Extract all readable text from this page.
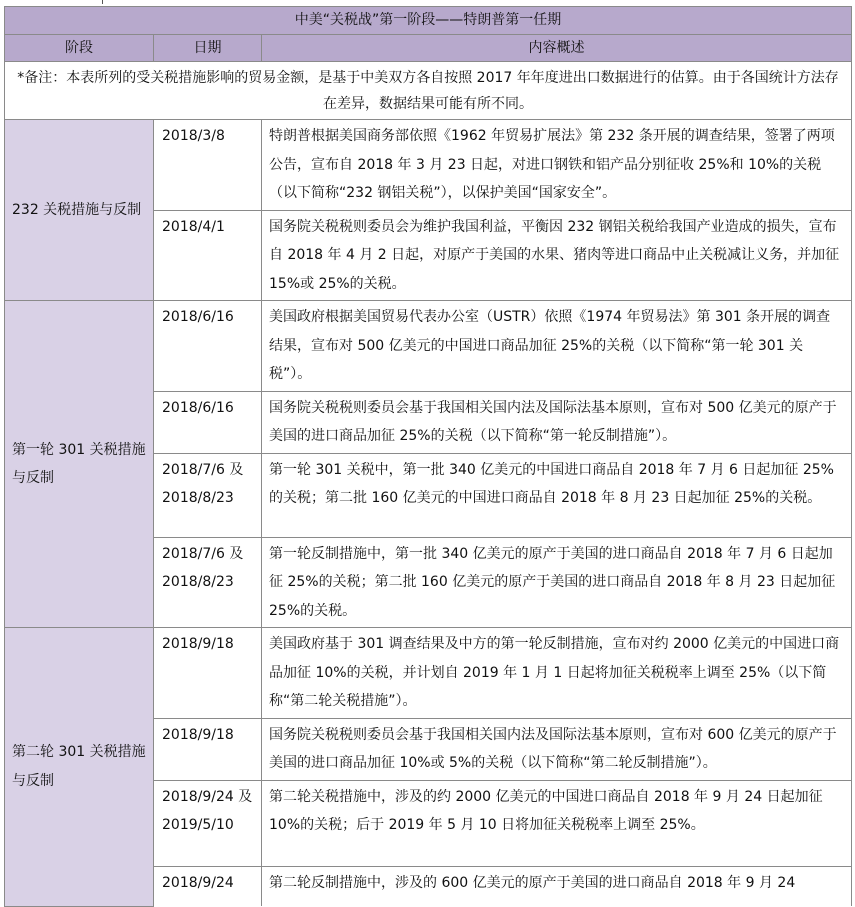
中美“关税战”第一阶段——特朗普第一任期		
阶段	日期	内容概述
*备注：本表所列的受关税措施影响的贸易金额，是基于中美双方各自按照 2017 年年度进出口数据进行的估算。由于各国统计方法存在差异，数据结果可能有所不同。		
232 关税措施与反制	2018/3/8	特朗普根据美国商务部依照《1962 年贸易扩展法》第 232 条开展的调查结果，签署了两项公告，宣布自 2018 年 3 月 23 日起，对进口钢铁和铝产品分别征收 25%和 10%的关税（以下简称“232 钢铝关税”），以保护美国“国家安全”。
	2018/4/1	国务院关税税则委员会为维护我国利益，平衡因 232 钢铝关税给我国产业造成的损失，宣布自 2018 年 4 月 2 日起，对原产于美国的水果、猪肉等进口商品中止关税减让义务，并加征 15%或 25%的关税。
第一轮 301 关税措施与反制	2018/6/16	美国政府根据美国贸易代表办公室（USTR）依照《1974 年贸易法》第 301 条开展的调查结果，宣布对 500 亿美元的中国进口商品加征 25%的关税（以下简称“第一轮 301 关税”）。
	2018/6/16	国务院关税税则委员会基于我国相关国内法及国际法基本原则，宣布对 500 亿美元的原产于美国的进口商品加征 25%的关税（以下简称“第一轮反制措施”）。
	2018/7/6 及 2018/8/23	第一轮 301 关税中，第一批 340 亿美元的中国进口商品自 2018 年 7 月 6 日起加征 25%的关税；第二批 160 亿美元的中国进口商品自 2018 年 8 月 23 日起加征 25%的关税。
	2018/7/6 及 2018/8/23	第一轮反制措施中，第一批 340 亿美元的原产于美国的进口商品自 2018 年 7 月 6 日起加征 25%的关税；第二批 160 亿美元的原产于美国的进口商品自 2018 年 8 月 23 日起加征 25%的关税。
第二轮 301 关税措施与反制	2018/9/18	美国政府基于 301 调查结果及中方的第一轮反制措施，宣布对约 2000 亿美元的中国进口商品加征 10%的关税，并计划自 2019 年 1 月 1 日起将加征关税税率上调至 25%（以下简称“第二轮关税措施”）。
	2018/9/18	国务院关税税则委员会基于我国相关国内法及国际法基本原则，宣布对 600 亿美元的原产于美国的进口商品加征 10%或 5%的关税（以下简称“第二轮反制措施”）。
	2018/9/24 及 2019/5/10	第二轮关税措施中，涉及的约 2000 亿美元的中国进口商品自 2018 年 9 月 24 日起加征 10%的关税；后于 2019 年 5 月 10 日将加征关税税率上调至 25%。
	2018/9/24	第二轮反制措施中，涉及的 600 亿美元的原产于美国的进口商品自 2018 年 9 月 24
